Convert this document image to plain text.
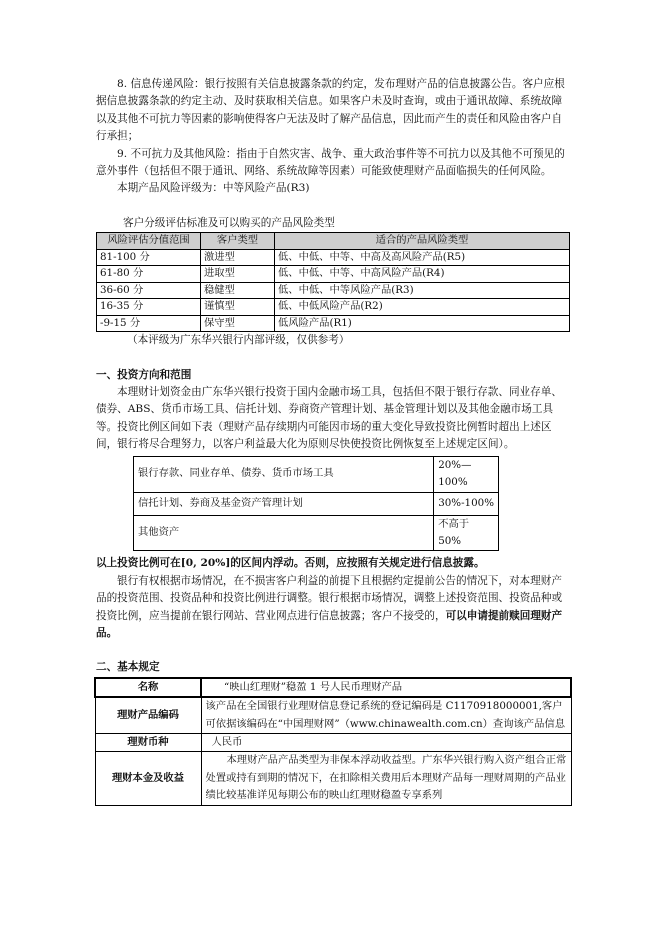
8. 信息传递风险：银行按照有关信息披露条款的约定，发布理财产品的信息披露公告。客户应根据信息披露条款的约定主动、及时获取相关信息。如果客户未及时查询，或由于通讯故障、系统故障以及其他不可抗力等因素的影响使得客户无法及时了解产品信息，因此而产生的责任和风险由客户自行承担；

9. 不可抗力及其他风险：指由于自然灾害、战争、重大政治事件等不可抗力以及其他不可预见的意外事件（包括但不限于通讯、网络、系统故障等因素）可能致使理财产品面临损失的任何风险。

本期产品风险评级为：中等风险产品(R3)

客户分级评估标准及可以购买的产品风险类型

风险评估分值范围	客户类型	适合的产品风险类型
81-100 分	激进型	低、中低、中等、中高及高风险产品(R5)
61-80 分	进取型	低、中低、中等、中高风险产品(R4)
36-60 分	稳健型	低、中低、中等风险产品(R3)
16-35 分	谨慎型	低、中低风险产品(R2)
-9-15 分	保守型	低风险产品(R1)

（本评级为广东华兴银行内部评级，仅供参考）

一、投资方向和范围

本理财计划资金由广东华兴银行投资于国内金融市场工具，包括但不限于银行存款、同业存单、债券、ABS、货币市场工具、信托计划、券商资产管理计划、基金管理计划以及其他金融市场工具等。投资比例区间如下表（理财产品存续期内可能因市场的重大变化导致投资比例暂时超出上述区间，银行将尽合理努力，以客户利益最大化为原则尽快使投资比例恢复至上述规定区间）。

银行存款、同业存单、债券、货币市场工具	20%—100%
信托计划、券商及基金资产管理计划	30%-100%
其他资产	不高于 50%

以上投资比例可在[0, 20%]的区间内浮动。否则，应按照有关规定进行信息披露。

银行有权根据市场情况，在不损害客户利益的前提下且根据约定提前公告的情况下，对本理财产品的投资范围、投资品种和投资比例进行调整。银行根据市场情况，调整上述投资范围、投资品种或投资比例，应当提前在银行网站、营业网点进行信息披露；客户不接受的，可以申请提前赎回理财产品。

二、基本规定

名称	“映山红理财”稳盈 1 号人民币理财产品
理财产品编码	该产品在全国银行业理财信息登记系统的登记编码是 C1170918000001,客户可依据该编码在“中国理财网”（www.chinawealth.com.cn）查询该产品信息
理财币种	人民币
理财本金及收益	本理财产品产品类型为非保本浮动收益型。广东华兴银行购入资产组合正常处置或持有到期的情况下，在扣除相关费用后本理财产品每一理财周期的产品业绩比较基准详见每期公布的映山红理财稳盈专享系列
